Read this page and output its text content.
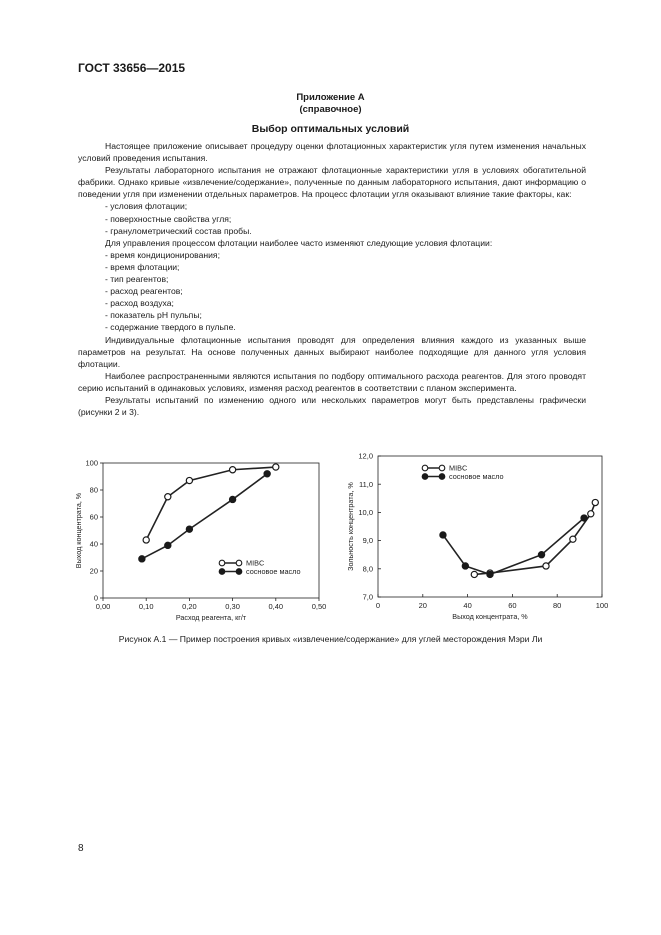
ГОСТ 33656—2015
Приложение А
(справочное)
Выбор оптимальных условий

Настоящее приложение описывает процедуру оценки флотационных характеристик угля путем изменения начальных условий проведения испытания.

Результаты лабораторного испытания не отражают флотационные характеристики угля в условиях обогатительной фабрики. Однако кривые «извлечение/содержание», полученные по данным лабораторного испытания, дают информацию о поведении угля при изменении отдельных параметров. На процесс флотации угля оказывают влияние такие факторы, как:

- условия флотации;

- поверхностные свойства угля;

- гранулометрический состав пробы.

Для управления процессом флотации наиболее часто изменяют следующие условия флотации:

- время кондиционирования;

- время флотации;

- тип реагентов;

- расход реагентов;

- расход воздуха;

- показатель рН пульпы;

- содержание твердого в пульпе.

Индивидуальные флотационные испытания проводят для определения влияния каждого из указанных выше параметров на результат. На основе полученных данных выбирают наиболее подходящие для данного угля условия флотации.

Наиболее распространенными являются испытания по подбору оптимального расхода реагентов. Для этого проводят серию испытаний в одинаковых условиях, изменяя расход реагентов в соответствии с планом эксперимента.

Результаты испытаний по изменению одного или нескольких параметров могут быть представлены графически (рисунки 2 и 3).

0,00	0,10	0,20	0,30	0,40	0,50
0
20
40
60
80
100
Расход реагента, кг/т
Выход концентрата, %	MIBC
сосновое масло
0	20	40	60	80	100
7,0
8,0
9,0
10,0
11,0
12,0
Выход концентрата, %
Зольность концентрата, %
MIBC
сосновое масло
Рисунок А.1 — Пример построения кривых «извлечение/содержание» для углей месторождения Мэри Ли
8
